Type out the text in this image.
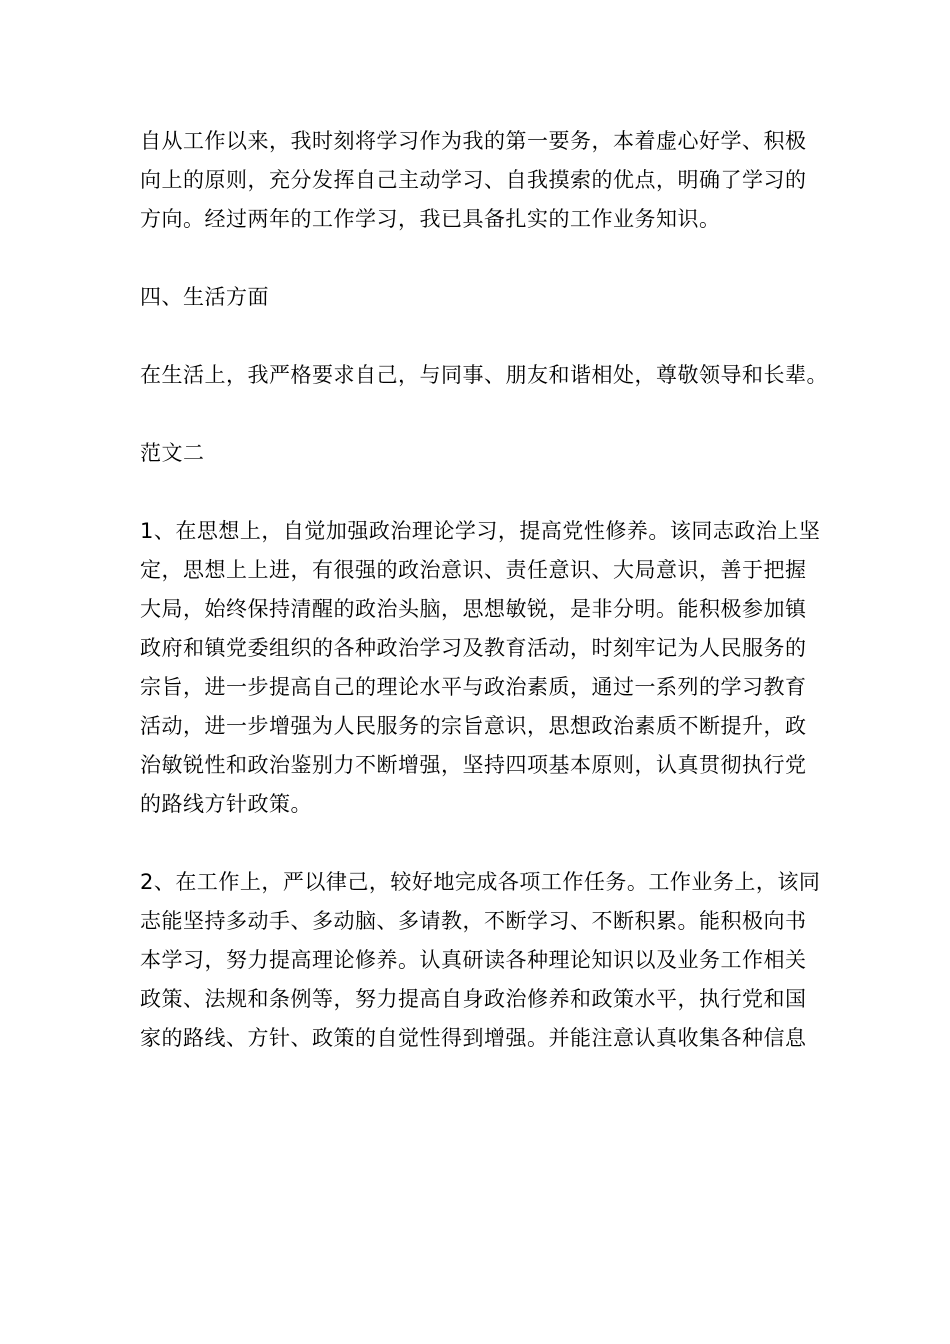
自从工作以来，我时刻将学习作为我的第一要务，本着虚心好学、积极
向上的原则，充分发挥自己主动学习、自我摸索的优点，明确了学习的
方向。经过两年的工作学习，我已具备扎实的工作业务知识。
四、生活方面
在生活上，我严格要求自己，与同事、朋友和谐相处，尊敬领导和长辈。
范文二
1、在思想上，自觉加强政治理论学习，提高党性修养。该同志政治上坚
定，思想上上进，有很强的政治意识、责任意识、大局意识，善于把握
大局，始终保持清醒的政治头脑，思想敏锐，是非分明。能积极参加镇
政府和镇党委组织的各种政治学习及教育活动，时刻牢记为人民服务的
宗旨，进一步提高自己的理论水平与政治素质，通过一系列的学习教育
活动，进一步增强为人民服务的宗旨意识，思想政治素质不断提升，政
治敏锐性和政治鉴别力不断增强，坚持四项基本原则，认真贯彻执行党
的路线方针政策。
2、在工作上，严以律己，较好地完成各项工作任务。工作业务上，该同
志能坚持多动手、多动脑、多请教，不断学习、不断积累。能积极向书
本学习，努力提高理论修养。认真研读各种理论知识以及业务工作相关
政策、法规和条例等，努力提高自身政治修养和政策水平，执行党和国
家的路线、方针、政策的自觉性得到增强。并能注意认真收集各种信息
